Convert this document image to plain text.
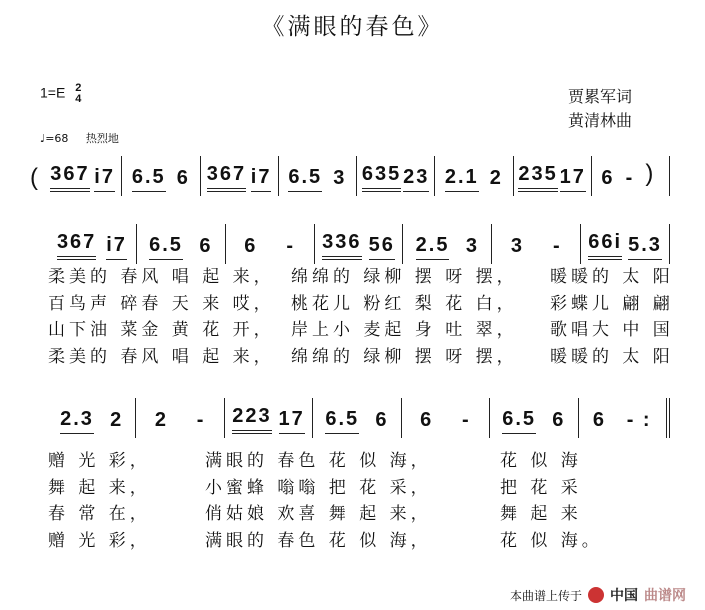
《满眼的春色》
1=E 2
4	贾累军词
黄清林曲
♩=68 热烈地
( 367 i7 6.5 6 367 i7 6.5 3 635 23 2.1 2 235 17 6 - )
367 i7 6.5 6 6 - 336 56 2.5 3 3 - 66i 5.3
柔美的 春风 唱 起 来， 绵绵的 绿柳 摆 呀 摆， 暖暖的 太 阳
百鸟声 碎春 天 来 哎， 桃花儿 粉红 梨 花 白， 彩蝶儿 翩 翩
山下油 菜金 黄 花 开， 岸上小 麦起 身 吐 翠， 歌唱大 中 国
柔美的 春风 唱 起 来， 绵绵的 绿柳 摆 呀 摆， 暖暖的 太 阳
2.3 2 2 - 223 17 6.5 6 6 - 6.5 6 6 - :
赠 光 彩，	满眼的 春色 花 似 海，	花 似 海
舞 起 来，	小蜜蜂 嗡嗡 把 花 采，	把 花 采
春 常 在，	俏姑娘 欢喜 舞 起 来，	舞 起 来
赠 光 彩，	满眼的 春色 花 似 海，	花 似 海。
本曲谱上传于 中国 曲谱网
